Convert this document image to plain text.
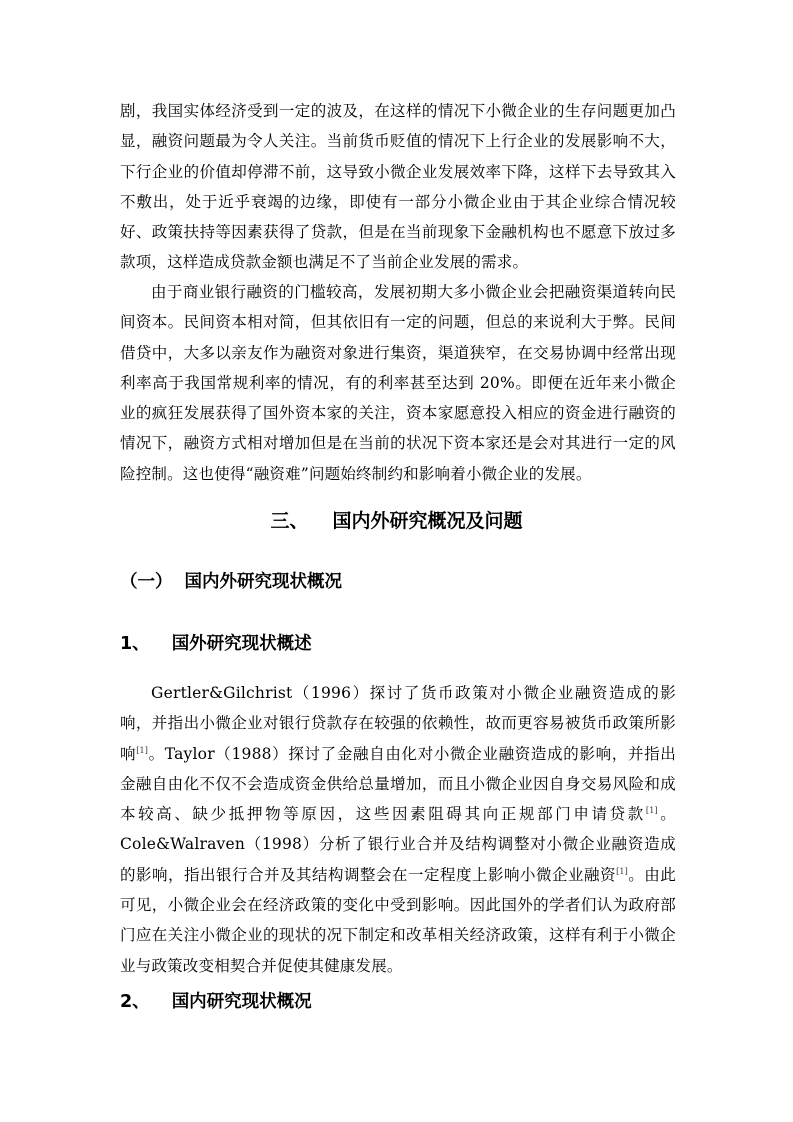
剧，我国实体经济受到一定的波及，在这样的情况下小微企业的生存问题更加凸显，融资问题最为令人关注。当前货币贬值的情况下上行企业的发展影响不大，下行企业的价值却停滞不前，这导致小微企业发展效率下降，这样下去导致其入不敷出，处于近乎衰竭的边缘，即使有一部分小微企业由于其企业综合情况较好、政策扶持等因素获得了贷款，但是在当前现象下金融机构也不愿意下放过多款项，这样造成贷款金额也满足不了当前企业发展的需求。

由于商业银行融资的门槛较高，发展初期大多小微企业会把融资渠道转向民间资本。民间资本相对简，但其依旧有一定的问题，但总的来说利大于弊。民间借贷中，大多以亲友作为融资对象进行集资，渠道狭窄，在交易协调中经常出现利率高于我国常规利率的情况，有的利率甚至达到 20%。即便在近年来小微企业的疯狂发展获得了国外资本家的关注，资本家愿意投入相应的资金进行融资的情况下，融资方式相对增加但是在当前的状况下资本家还是会对其进行一定的风险控制。这也使得“融资难”问题始终制约和影响着小微企业的发展。

三、 国内外研究概况及问题
（一） 国内外研究现状概况
1、 国外研究现状概述

Gertler&Gilchrist（1996）探讨了货币政策对小微企业融资造成的影响，并指出小微企业对银行贷款存在较强的依赖性，故而更容易被货币政策所影响[1]。Taylor（1988）探讨了金融自由化对小微企业融资造成的影响，并指出金融自由化不仅不会造成资金供给总量增加，而且小微企业因自身交易风险和成本较高、缺少抵押物等原因，这些因素阻碍其向正规部门申请贷款[1]。Cole&Walraven（1998）分析了银行业合并及结构调整对小微企业融资造成的影响，指出银行合并及其结构调整会在一定程度上影响小微企业融资[1]。由此可见，小微企业会在经济政策的变化中受到影响。因此国外的学者们认为政府部门应在关注小微企业的现状的况下制定和改革相关经济政策，这样有利于小微企业与政策改变相契合并促使其健康发展。

2、 国内研究现状概况
